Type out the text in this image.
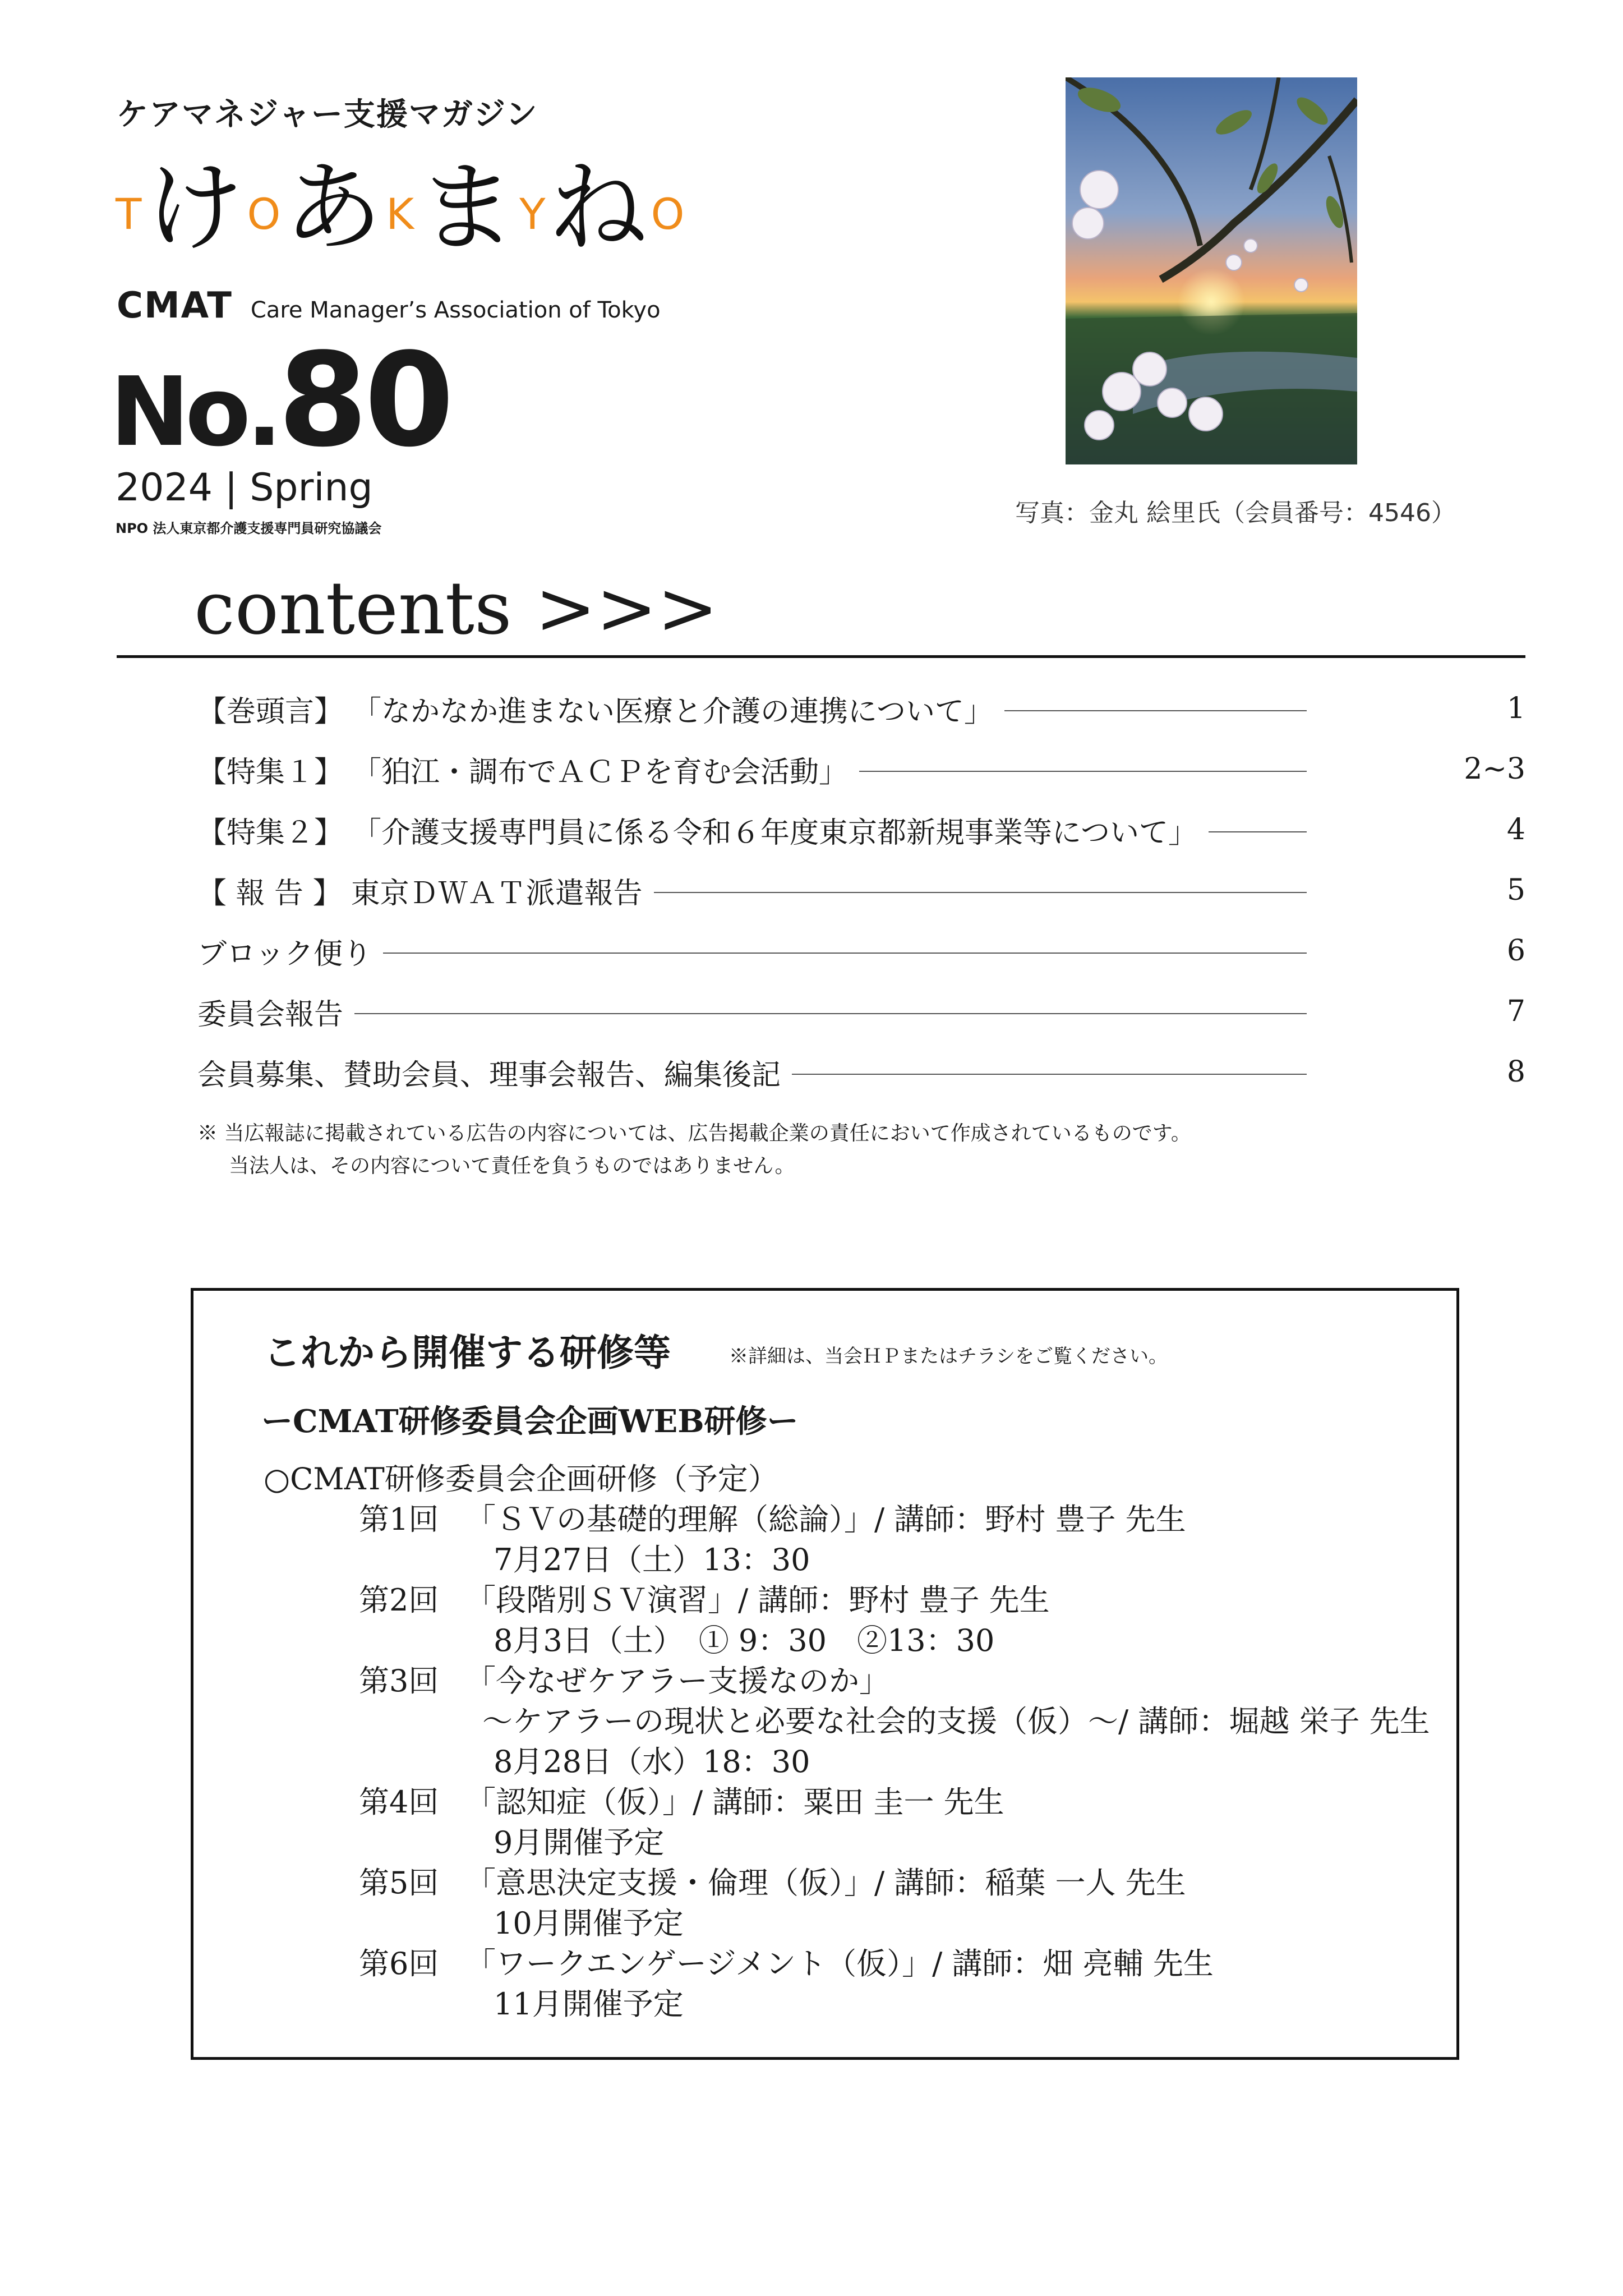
ケアマネジャー支援マガジン
T け O あ K ま Y ね O
CMAT Care Manager’s Association of Tokyo
No.80
2024 | Spring
NPO 法人東京都介護支援専門員研究協議会
写真：金丸 絵里氏（会員番号：4546）
contents >>>
【巻頭言】 「なかなか進まない医療と介護の連携について」	1
【特集１】 「狛江・調布でＡＣＰを育む会活動」	2~3
【特集２】 「介護支援専門員に係る令和６年度東京都新規事業等について」	4
【 報 告 】 東京ＤＷＡＴ派遣報告	5
ブロック便り	6
委員会報告	7
会員募集、賛助会員、理事会報告、編集後記	8
※ 当広報誌に掲載されている広告の内容については、広告掲載企業の責任において作成されているものです。
当法人は、その内容について責任を負うものではありません。
これから開催する研修等	※詳細は、当会ＨＰまたはチラシをご覧ください。
ーCMAT研修委員会企画WEB研修ー
○CMAT研修委員会企画研修（予定）
第1回 「ＳＶの基礎的理解（総論）」/ 講師：野村 豊子 先生
7月27日（土）13：30
第2回 「段階別ＳＶ演習」/ 講師：野村 豊子 先生
8月3日（土）　① 9：30　②13：30
第3回 「今なぜケアラー支援なのか」
～ケアラーの現状と必要な社会的支援（仮）～/ 講師：堀越 栄子 先生
8月28日（水）18：30
第4回 「認知症（仮）」/ 講師：粟田 圭一 先生
9月開催予定
第5回 「意思決定支援・倫理（仮）」/ 講師：稲葉 一人 先生
10月開催予定
第6回 「ワークエンゲージメント（仮）」/ 講師：畑 亮輔 先生
11月開催予定
